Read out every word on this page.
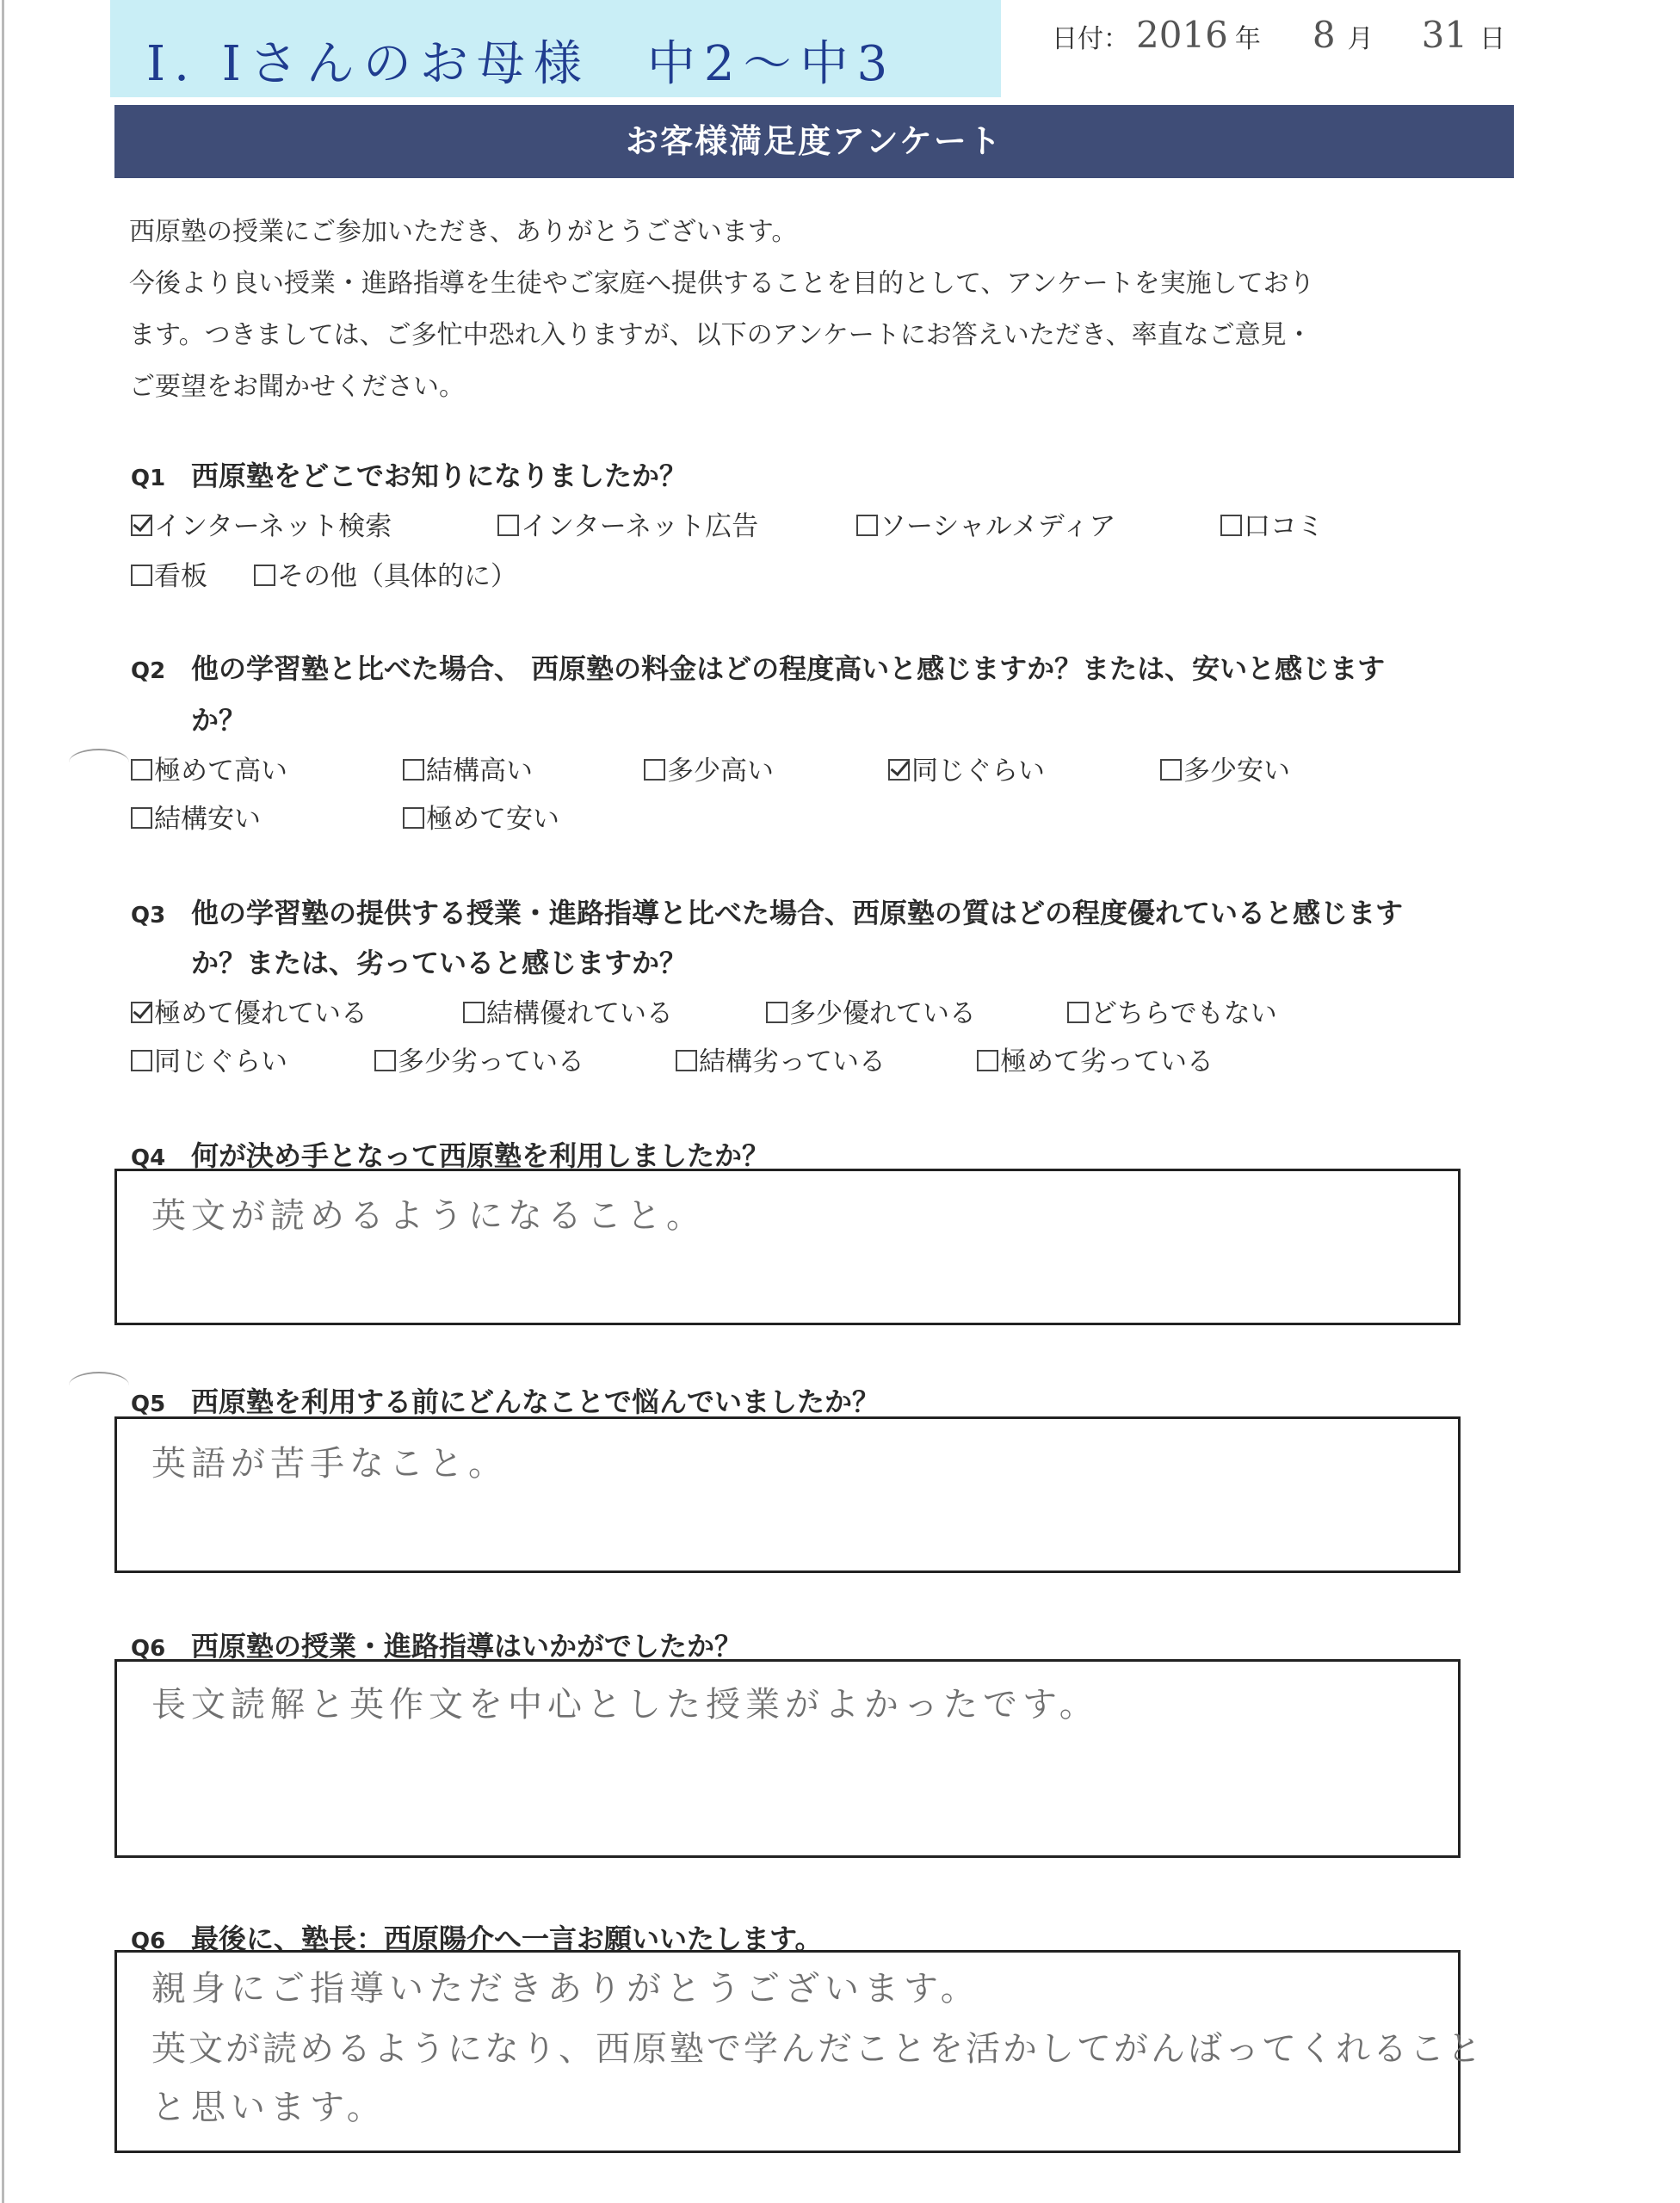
I. Iさんのお母様　中2～中3	日付： 2016 年 8 月 31 日
お客様満足度アンケート

西原塾の授業にご参加いただき、ありがとうございます。

今後より良い授業・進路指導を生徒やご家庭へ提供することを目的として、アンケートを実施しており

ます。つきましては、ご多忙中恐れ入りますが、以下のアンケートにお答えいただき、率直なご意見・

ご要望をお聞かせください。

Q1 西原塾をどこでお知りになりましたか？
インターネット検索	インターネット広告	ソーシャルメディア	口コミ
看板	その他（具体的に）
Q2 他の学習塾と比べた場合、 西原塾の料金はどの程度高いと感じますか？または、安いと感じます
か？
極めて高い	結構高い	多少高い	同じぐらい	多少安い
結構安い	極めて安い
Q3 他の学習塾の提供する授業・進路指導と比べた場合、西原塾の質はどの程度優れていると感じます
か？または、劣っていると感じますか？
極めて優れている	結構優れている	多少優れている	どちらでもない
同じぐらい	多少劣っている	結構劣っている	極めて劣っている
Q4 何が決め手となって西原塾を利用しましたか？
英文が読めるようになること。
Q5 西原塾を利用する前にどんなことで悩んでいましたか？
英語が苦手なこと。
Q6 西原塾の授業・進路指導はいかがでしたか？
長文読解と英作文を中心とした授業がよかったです。
Q6 最後に、塾長：西原陽介へ一言お願いいたします。
親身にご指導いただきありがとうございます。
英文が読めるようになり、西原塾で学んだことを活かしてがんばってくれること
と思います。
